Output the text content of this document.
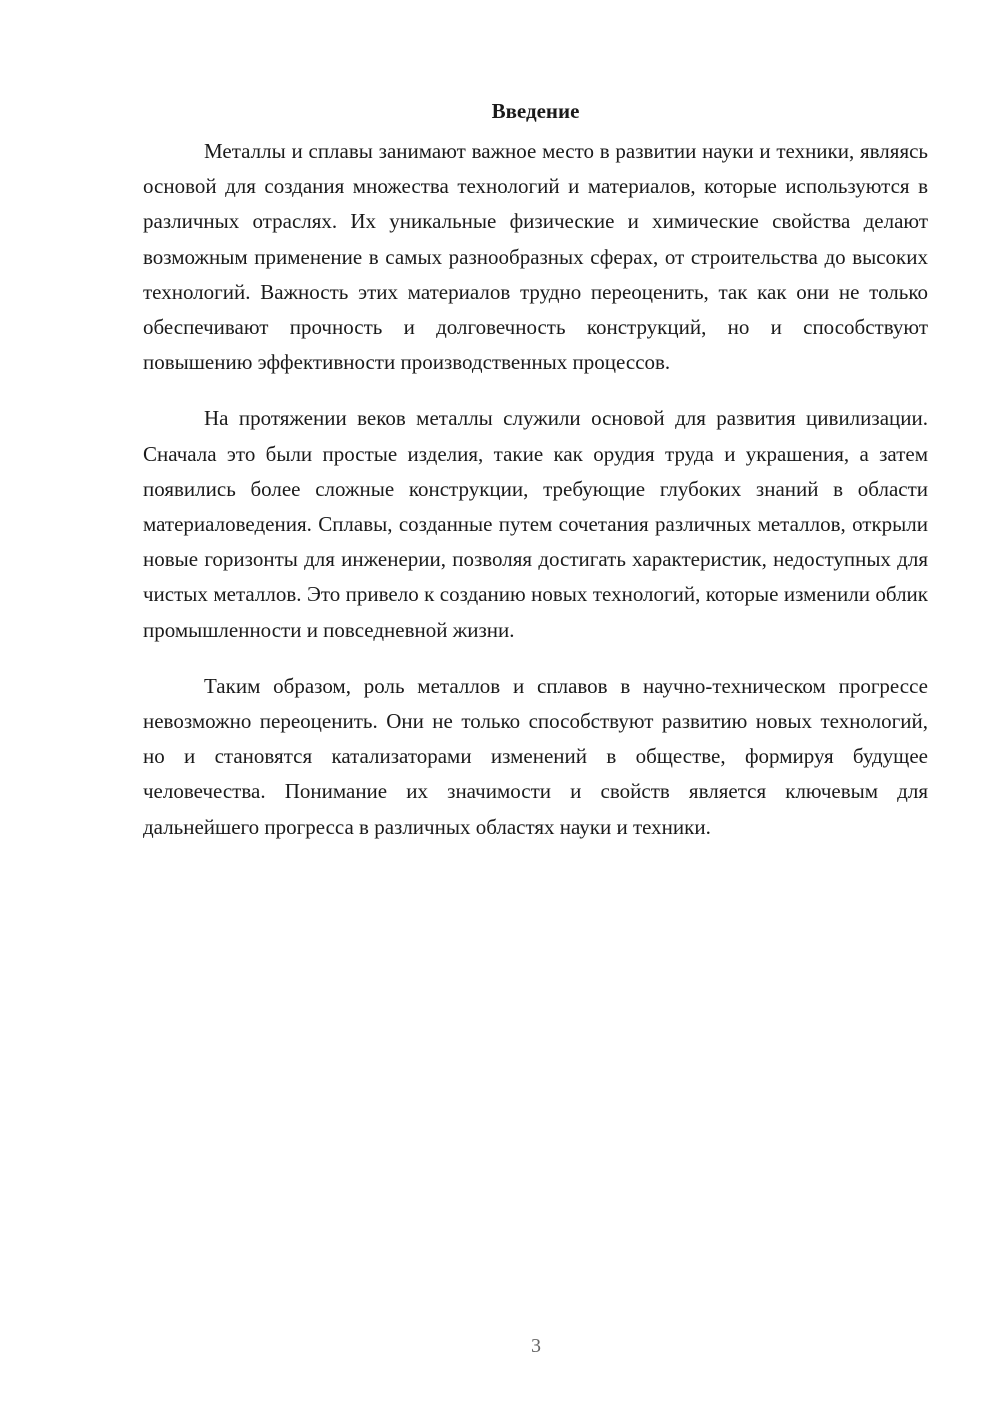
Введение

Металлы и сплавы занимают важное место в развитии науки и техники, являясь основой для создания множества технологий и материалов, которые используются в различных отраслях. Их уникальные физические и химические свойства делают возможным применение в самых разнообразных сферах, от строительства до высоких технологий. Важность этих материалов трудно переоценить, так как они не только обеспечивают прочность и долговечность конструкций, но и способствуют повышению эффективности производственных процессов.

На протяжении веков металлы служили основой для развития цивилизации. Сначала это были простые изделия, такие как орудия труда и украшения, а затем появились более сложные конструкции, требующие глубоких знаний в области материаловедения. Сплавы, созданные путем сочетания различных металлов, открыли новые горизонты для инженерии, позволяя достигать характеристик, недоступных для чистых металлов. Это привело к созданию новых технологий, которые изменили облик промышленности и повседневной жизни.

Таким образом, роль металлов и сплавов в научно-техническом прогрессе невозможно переоценить. Они не только способствуют развитию новых технологий, но и становятся катализаторами изменений в обществе, формируя будущее человечества. Понимание их значимости и свойств является ключевым для дальнейшего прогресса в различных областях науки и техники.

3
